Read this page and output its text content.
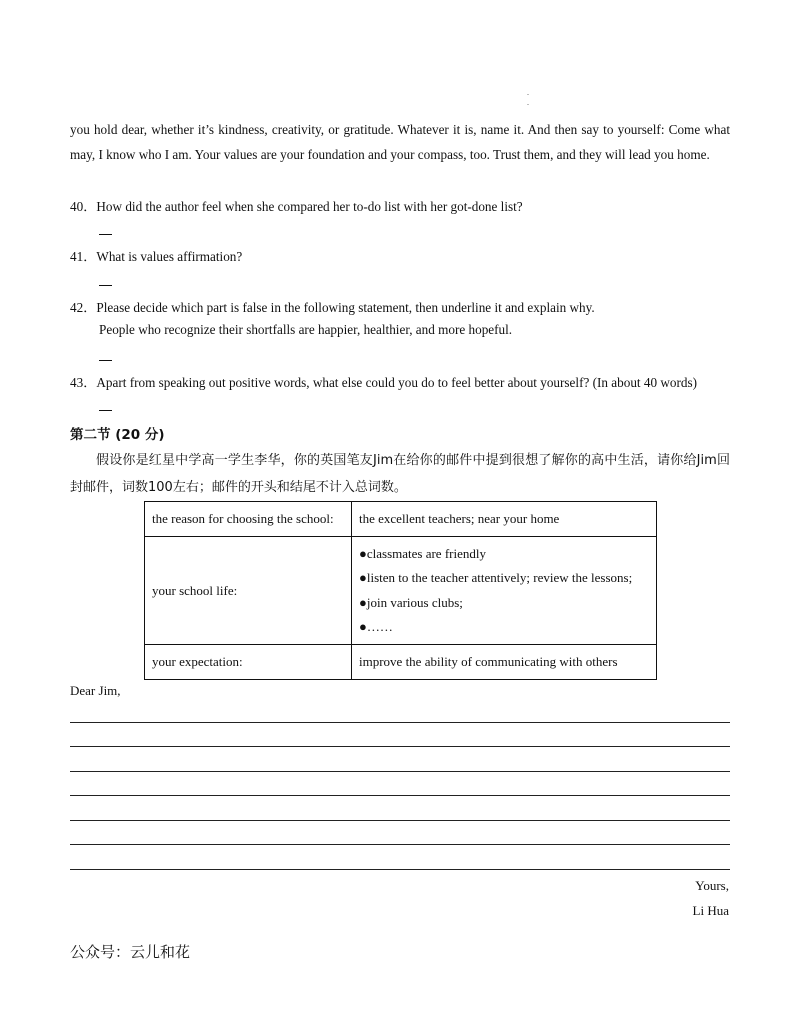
.
.
you hold dear, whether it’s kindness, creativity, or gratitude. Whatever it is, name it. And then say to yourself: Come what may, I know who I am. Your values are your foundation and your compass, too. Trust them, and they will lead you home.
40．How did the author feel when she compared her to-do list with her got-done list?
41．What is values affirmation?
42．Please decide which part is false in the following statement, then underline it and explain why.
People who recognize their shortfalls are happier, healthier, and more hopeful.
43．Apart from speaking out positive words, what else could you do to feel better about yourself? (In about 40 words)
第二节 (20 分)
假设你是红星中学高一学生李华，你的英国笔友Jim在给你的邮件中提到很想了解你的高中生活，请你给Jim回封邮件，词数100左右；邮件的开头和结尾不计入总词数。
the reason for choosing the school:	the excellent teachers; near your home
your school life:	●classmates are friendly
●listen to the teacher attentively; review the lessons;
●join various clubs;
●……

your expectation:	improve the ability of communicating with others
Dear Jim,
Yours,
Li Hua
公众号：云儿和花
